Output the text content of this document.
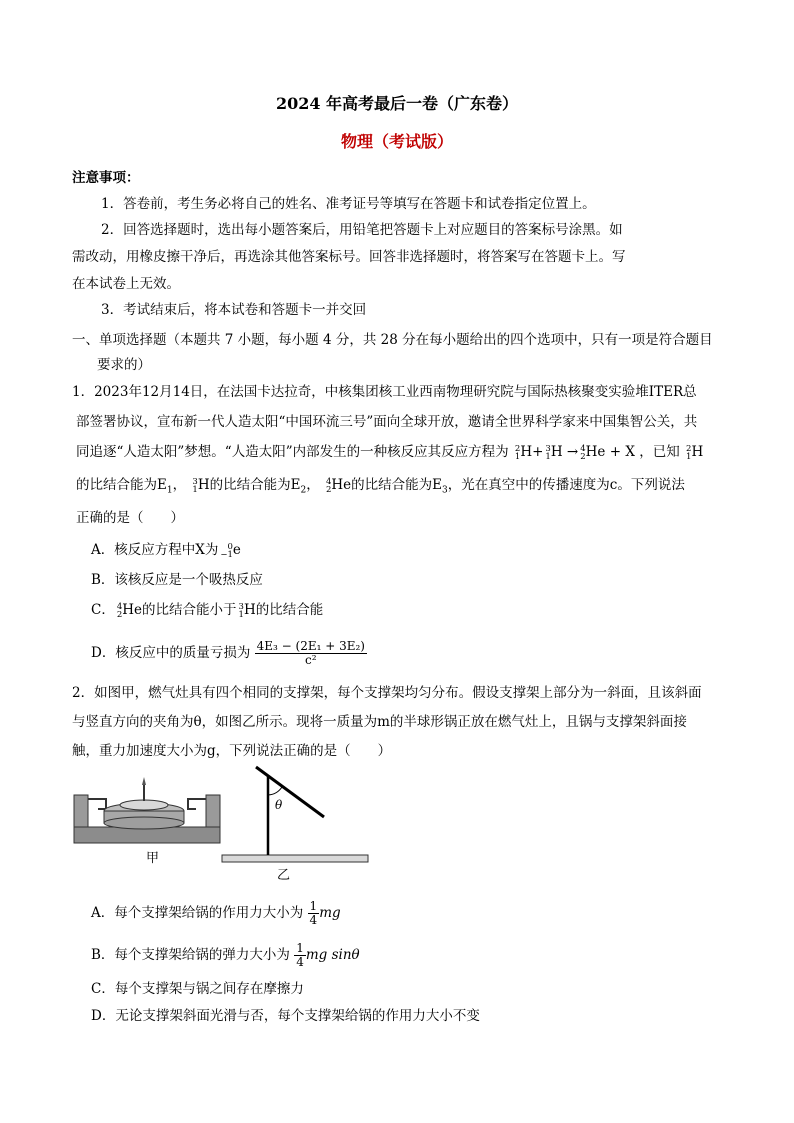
2024 年高考最后一卷（广东卷）
物理（考试版）
注意事项：
1．答卷前，考生务必将自己的姓名、准考证号等填写在答题卡和试卷指定位置上。
2．回答选择题时，选出每小题答案后，用铅笔把答题卡上对应题目的答案标号涂黑。如
需改动，用橡皮擦干净后，再选涂其他答案标号。回答非选择题时，将答案写在答题卡上。写
在本试卷上无效。
3．考试结束后，将本试卷和答题卡一并交回
一、单项选择题（本题共 7 小题，每小题 4 分，共 28 分在每小题给出的四个选项中，只有一项是符合题目
要求的）
1．2023年12月14日，在法国卡达拉奇，中核集团核工业西南物理研究院与国际热核聚变实验堆ITER总
部签署协议，宣布新一代人造太阳“中国环流三号”面向全球开放，邀请全世界科学家来中国集智公关，共
同追逐“人造太阳”梦想。“人造太阳”内部发生的一种核反应其反应方程为 2
1 H+ 3
1 H → 4
2 He + X ，已知 2
1 H
的比结合能为$E_1$， 3
1 H的比结合能为$E_2$， 4
2 He的比结合能为$E_3$，光在真空中的传播速度为c。下列说法
正确的是（　　）
A．核反应方程中X为	0
−1 e
B．该核反应是一个吸热反应
C． 4
2 He的比结合能小于 3
1 H的比结合能
D．核反应中的质量亏损为 $\frac{\text{4E₃ − (2E₁ + 3E₂)}}{\text{c²}}$
2．如图甲，燃气灶具有四个相同的支撑架，每个支撑架均匀分布。假设支撑架上部分为一斜面，且该斜面
与竖直方向的夹角为θ，如图乙所示。现将一质量为m的半球形锅正放在燃气灶上，且锅与支撑架斜面接
触，重力加速度大小为g，下列说法正确的是（　　）
甲
θ
乙
A．每个支撑架给锅的作用力大小为 $\frac{1}{4}$ mg
B．每个支撑架给锅的弹力大小为 $\frac{1}{4}$ mg sinθ
C．每个支撑架与锅之间存在摩擦力
D．无论支撑架斜面光滑与否，每个支撑架给锅的作用力大小不变
